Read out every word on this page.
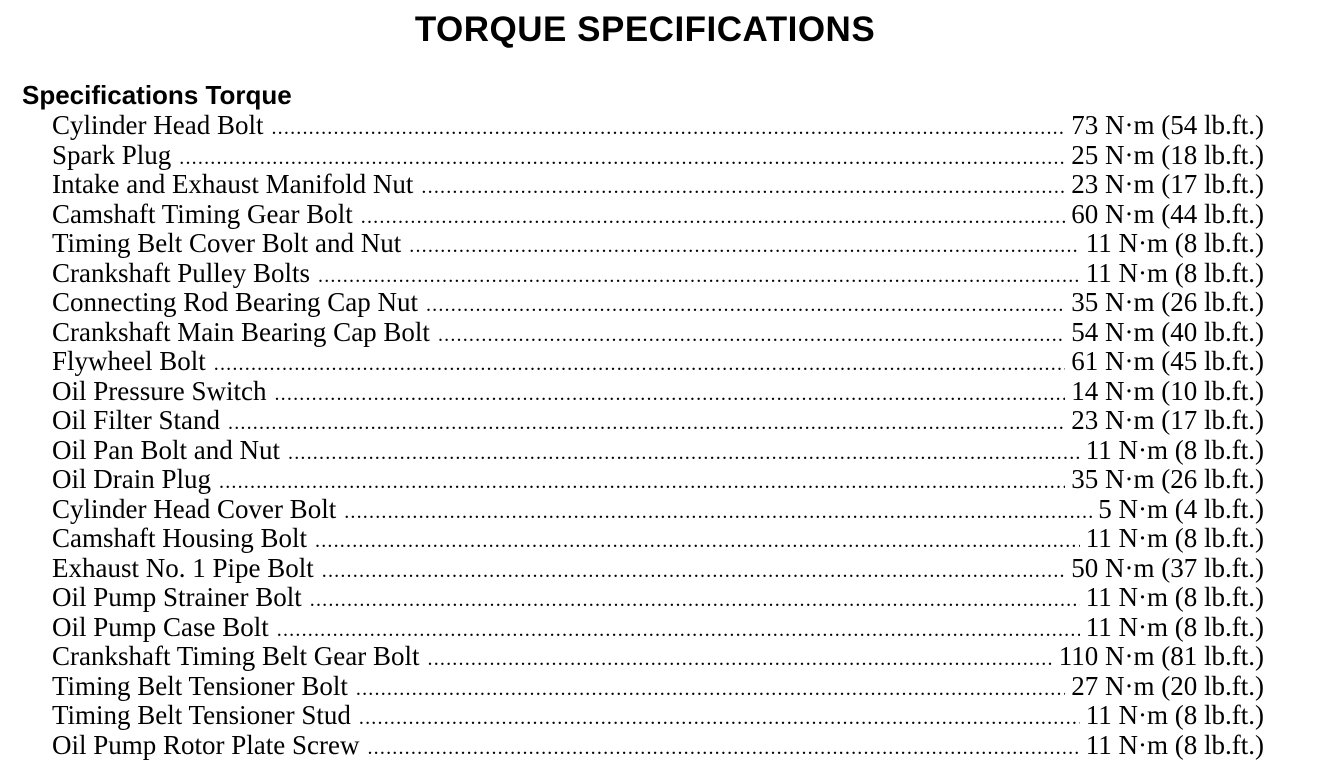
TORQUE SPECIFICATIONS
Specifications Torque
Cylinder Head Bolt .....	73 N·m (54 lb.ft.)
Spark Plug .....	25 N·m (18 lb.ft.)
Intake and Exhaust Manifold Nut .....	23 N·m (17 lb.ft.)
Camshaft Timing Gear Bolt .....	60 N·m (44 lb.ft.)
Timing Belt Cover Bolt and Nut .....	11 N·m (8 lb.ft.)
Crankshaft Pulley Bolts .....	11 N·m (8 lb.ft.)
Connecting Rod Bearing Cap Nut .....	35 N·m (26 lb.ft.)
Crankshaft Main Bearing Cap Bolt .....	54 N·m (40 lb.ft.)
Flywheel Bolt .....	61 N·m (45 lb.ft.)
Oil Pressure Switch .....	14 N·m (10 lb.ft.)
Oil Filter Stand .....	23 N·m (17 lb.ft.)
Oil Pan Bolt and Nut .....	11 N·m (8 lb.ft.)
Oil Drain Plug .....	35 N·m (26 lb.ft.)
Cylinder Head Cover Bolt .....	5 N·m (4 lb.ft.)
Camshaft Housing Bolt .....	11 N·m (8 lb.ft.)
Exhaust No. 1 Pipe Bolt .....	50 N·m (37 lb.ft.)
Oil Pump Strainer Bolt .....	11 N·m (8 lb.ft.)
Oil Pump Case Bolt .....	11 N·m (8 lb.ft.)
Crankshaft Timing Belt Gear Bolt .....	110 N·m (81 lb.ft.)
Timing Belt Tensioner Bolt .....	27 N·m (20 lb.ft.)
Timing Belt Tensioner Stud .....	11 N·m (8 lb.ft.)
Oil Pump Rotor Plate Screw .....	11 N·m (8 lb.ft.)
